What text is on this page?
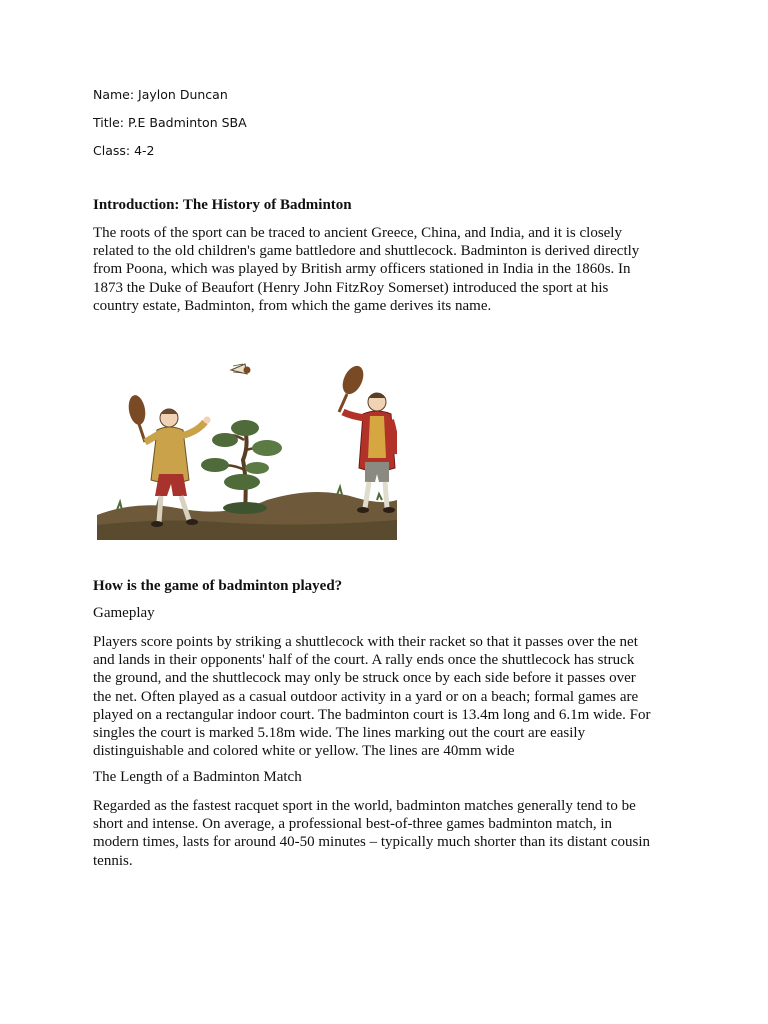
Name: Jaylon Duncan
Title: P.E Badminton SBA
Class: 4-2
Introduction: The History of Badminton
The roots of the sport can be traced to ancient Greece, China, and India, and it is closely
related to the old children's game battledore and shuttlecock. Badminton is derived directly
from Poona, which was played by British army officers stationed in India in the 1860s. In
1873 the Duke of Beaufort (Henry John FitzRoy Somerset) introduced the sport at his
country estate, Badminton, from which the game derives its name.
How is the game of badminton played?
Gameplay
Players score points by striking a shuttlecock with their racket so that it passes over the net
and lands in their opponents' half of the court. A rally ends once the shuttlecock has struck
the ground, and the shuttlecock may only be struck once by each side before it passes over
the net. Often played as a casual outdoor activity in a yard or on a beach; formal games are
played on a rectangular indoor court. The badminton court is 13.4m long and 6.1m wide. For
singles the court is marked 5.18m wide. The lines marking out the court are easily
distinguishable and colored white or yellow. The lines are 40mm wide
The Length of a Badminton Match
Regarded as the fastest racquet sport in the world, badminton matches generally tend to be
short and intense. On average, a professional best-of-three games badminton match, in
modern times, lasts for around 40-50 minutes – typically much shorter than its distant cousin
tennis.
